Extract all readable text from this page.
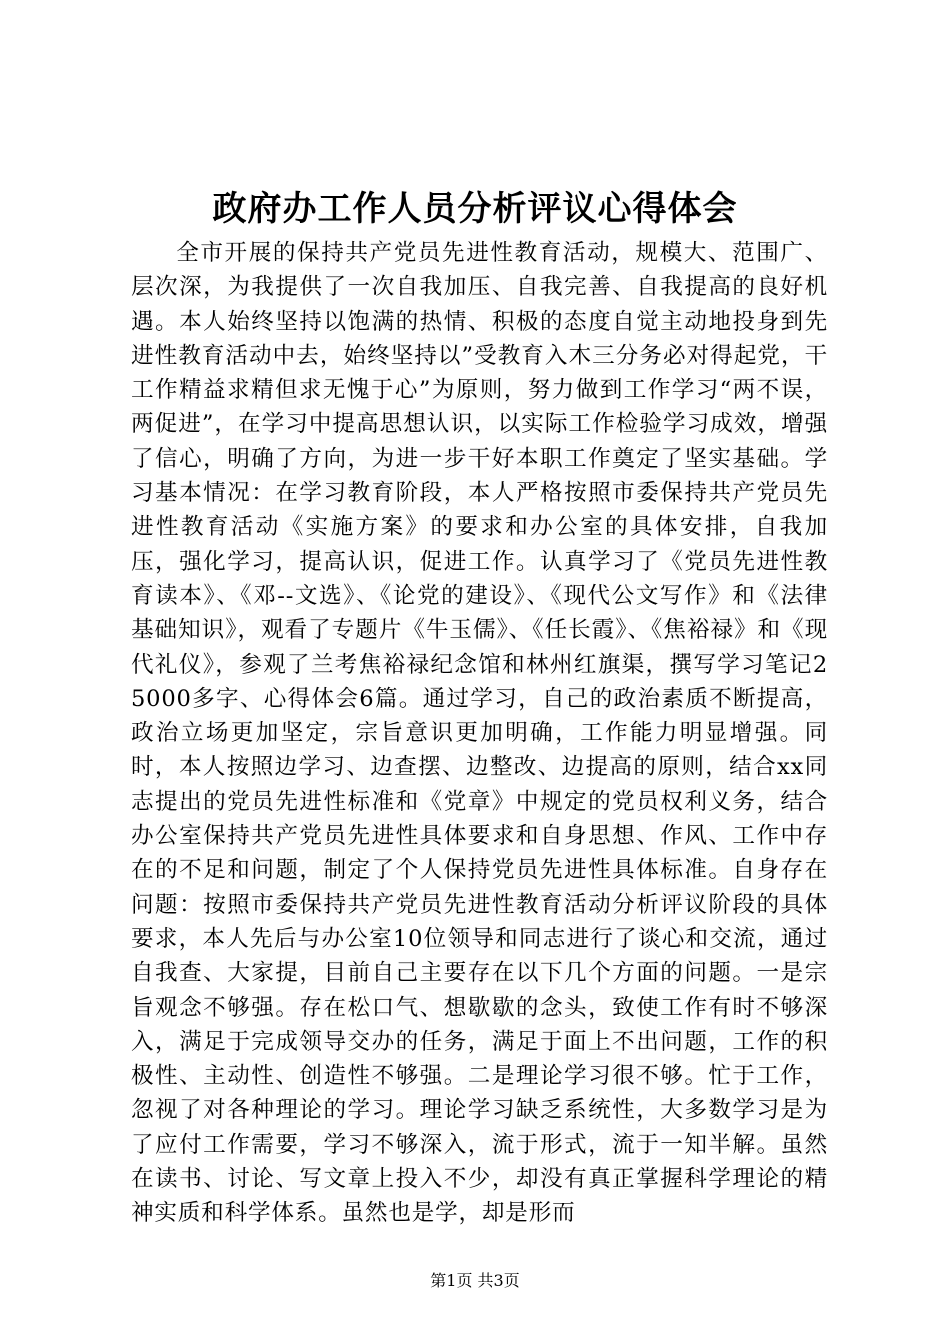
政府办工作人员分析评议心得体会

全市开展的保持共产党员先进性教育活动，规模大、范围广、层次深，为我提供了一次自我加压、自我完善、自我提高的良好机遇。本人始终坚持以饱满的热情、积极的态度自觉主动地投身到先进性教育活动中去，始终坚持以”受教育入木三分务必对得起党，干工作精益求精但求无愧于心”为原则，努力做到工作学习“两不误，两促进”，在学习中提高思想认识，以实际工作检验学习成效，增强了信心，明确了方向，为进一步干好本职工作奠定了坚实基础。学习基本情况：在学习教育阶段，本人严格按照市委保持共产党员先进性教育活动《实施方案》的要求和办公室的具体安排，自我加压，强化学习，提高认识，促进工作。认真学习了《党员先进性教育读本》、《邓--文选》、《论党的建设》、《现代公文写作》和《法律基础知识》，观看了专题片《牛玉儒》、《任长霞》、《焦裕禄》和《现代礼仪》，参观了兰考焦裕禄纪念馆和林州红旗渠，撰写学习笔记25000多字、心得体会6篇。通过学习，自己的政治素质不断提高，政治立场更加坚定，宗旨意识更加明确，工作能力明显增强。同时，本人按照边学习、边查摆、边整改、边提高的原则，结合xx同志提出的党员先进性标准和《党章》中规定的党员权利义务，结合办公室保持共产党员先进性具体要求和自身思想、作风、工作中存在的不足和问题，制定了个人保持党员先进性具体标准。自身存在问题：按照市委保持共产党员先进性教育活动分析评议阶段的具体要求，本人先后与办公室10位领导和同志进行了谈心和交流，通过自我查、大家提，目前自己主要存在以下几个方面的问题。一是宗旨观念不够强。存在松口气、想歇歇的念头，致使工作有时不够深入，满足于完成领导交办的任务，满足于面上不出问题，工作的积极性、主动性、创造性不够强。二是理论学习很不够。忙于工作，忽视了对各种理论的学习。理论学习缺乏系统性，大多数学习是为了应付工作需要，学习不够深入，流于形式，流于一知半解。虽然在读书、讨论、写文章上投入不少，却没有真正掌握科学理论的精神实质和科学体系。虽然也是学，却是形而

第1页 共3页
